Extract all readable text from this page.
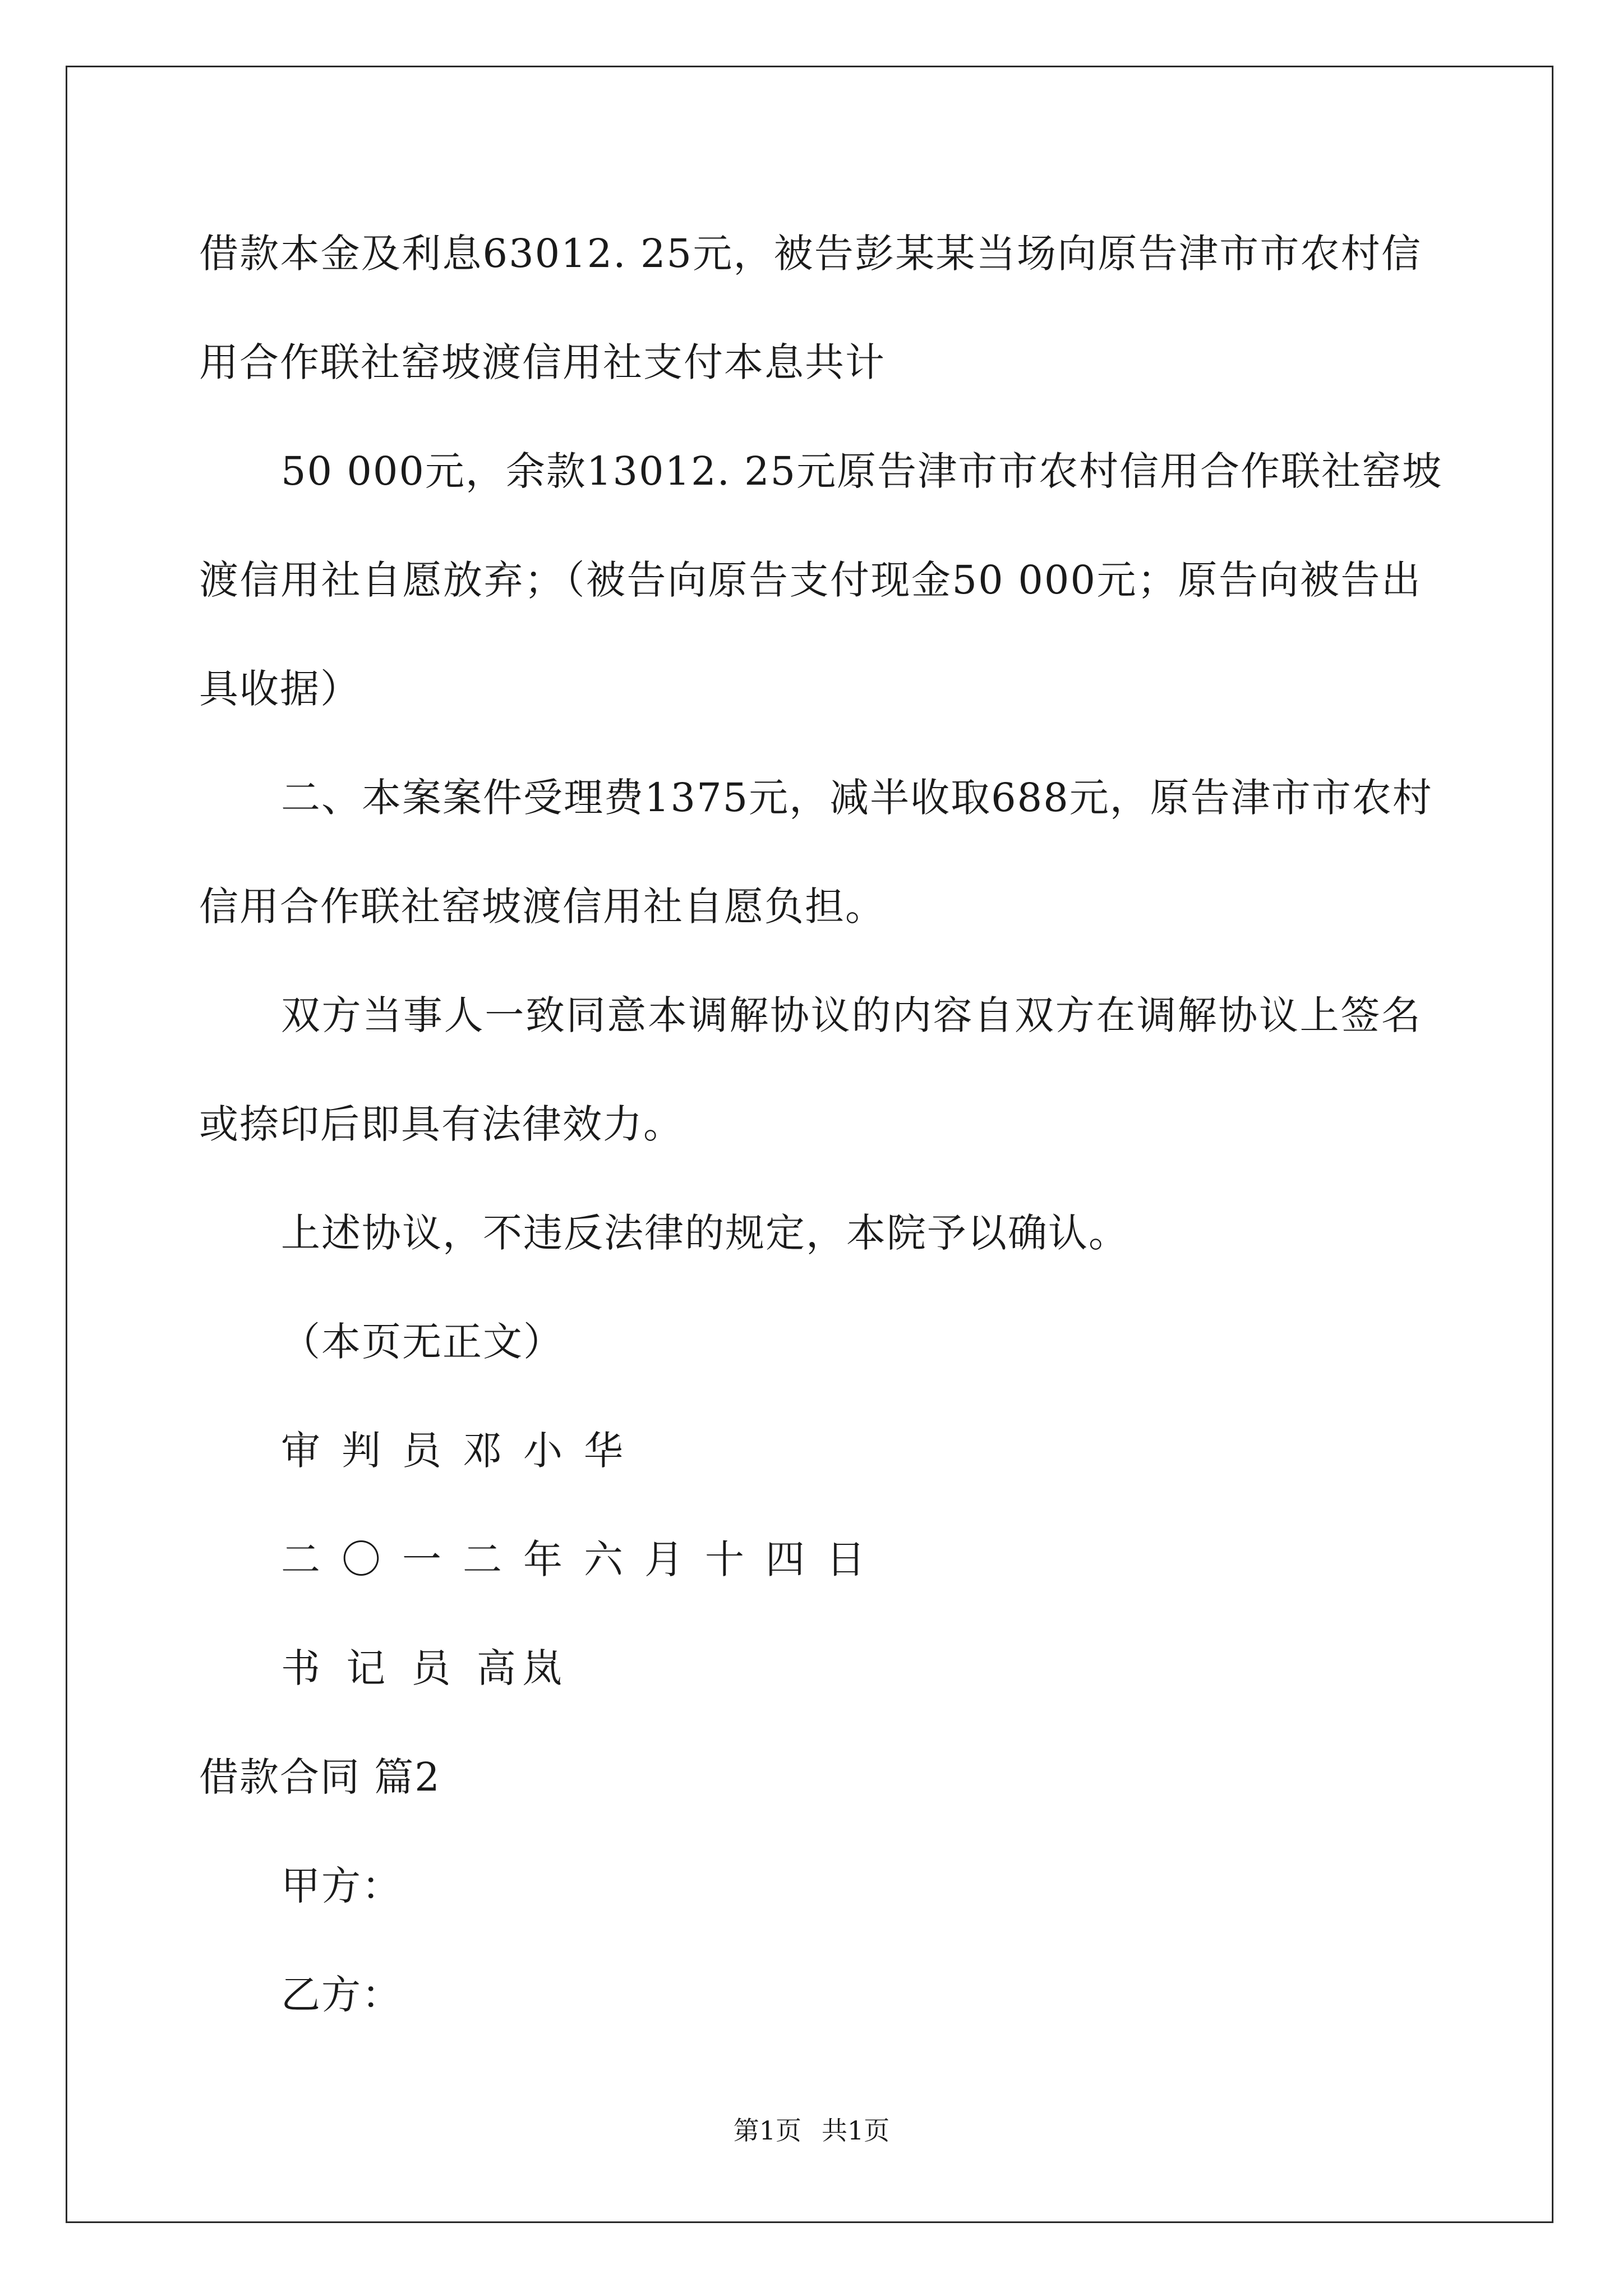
借款本金及利息63012. 25元，被告彭某某当场向原告津市市农村信
用合作联社窑坡渡信用社支付本息共计
50 000元，余款13012. 25元原告津市市农村信用合作联社窑坡
渡信用社自愿放弃；（被告向原告支付现金50 000元；原告向被告出
具收据）
二、本案案件受理费1375元，减半收取688元，原告津市市农村
信用合作联社窑坡渡信用社自愿负担。
双方当事人一致同意本调解协议的内容自双方在调解协议上签名
或捺印后即具有法律效力。
上述协议，不违反法律的规定，本院予以确认。
（本页无正文）
审判员邓小华
二〇一二年六月十四日
书 记 员 高岚
借款合同 篇2
甲方：
乙方：
第1页 共1页
